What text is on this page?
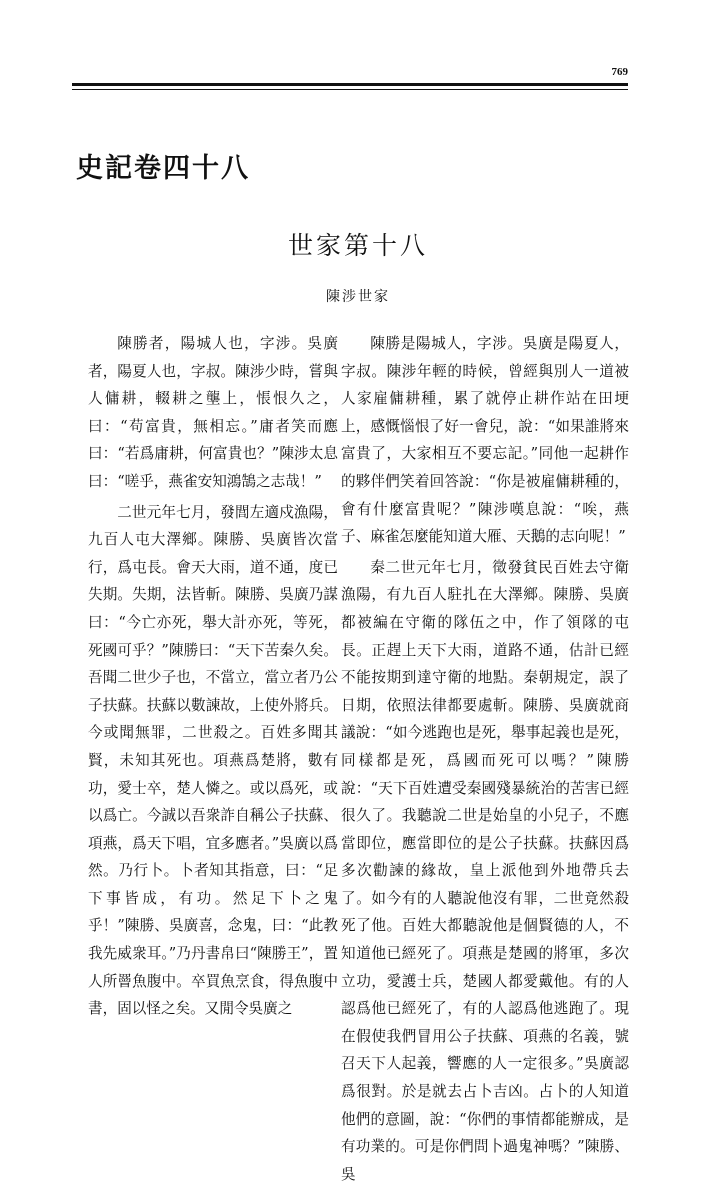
769
史記卷四十八
世家第十八
陳涉世家

陳勝者，陽城人也，字涉。吳廣者，陽夏人也，字叔。陳涉少時，嘗與人傭耕，輟耕之壟上，悵恨久之，曰：“苟富貴，無相忘。”庸者笑而應曰：“若爲庸耕，何富貴也？”陳涉太息曰：“嗟乎，燕雀安知鴻鵠之志哉！”

二世元年七月，發閭左適戍漁陽，九百人屯大澤鄉。陳勝、吳廣皆次當行，爲屯長。會天大雨，道不通，度已失期。失期，法皆斬。陳勝、吳廣乃謀曰：“今亡亦死，舉大計亦死，等死，死國可乎？”陳勝曰：“天下苦秦久矣。吾聞二世少子也，不當立，當立者乃公子扶蘇。扶蘇以數諫故，上使外將兵。今或聞無罪，二世殺之。百姓多聞其賢，未知其死也。項燕爲楚將，數有功，愛士卒，楚人憐之。或以爲死，或以爲亡。今誠以吾衆詐自稱公子扶蘇、項燕，爲天下唱，宜多應者。”吳廣以爲然。乃行卜。卜者知其指意，曰：“足下事皆成，有功。然足下卜之鬼乎！”陳勝、吳廣喜，念鬼，曰：“此教我先威衆耳。”乃丹書帛曰“陳勝王”，置人所罾魚腹中。卒買魚烹食，得魚腹中書，固以怪之矣。又閒令吳廣之

陳勝是陽城人，字涉。吳廣是陽夏人，字叔。陳涉年輕的時候，曾經與別人一道被人家雇傭耕種，累了就停止耕作站在田埂上，感慨惱恨了好一會兒，說：“如果誰將來富貴了，大家相互不要忘記。”同他一起耕作的夥伴們笑着回答說：“你是被雇傭耕種的，會有什麼富貴呢？”陳涉嘆息說：“唉，燕子、麻雀怎麼能知道大雁、天鵝的志向呢！”

秦二世元年七月，徵發貧民百姓去守衛漁陽，有九百人駐扎在大澤鄉。陳勝、吳廣都被編在守衛的隊伍之中，作了領隊的屯長。正趕上天下大雨，道路不通，估計已經不能按期到達守衛的地點。秦朝規定，誤了日期，依照法律都要處斬。陳勝、吳廣就商議說：“如今逃跑也是死，舉事起義也是死，同樣都是死，爲國而死可以嗎？”陳勝說：“天下百姓遭受秦國殘暴統治的苦害已經很久了。我聽說二世是始皇的小兒子，不應當即位，應當即位的是公子扶蘇。扶蘇因爲多次勸諫的緣故，皇上派他到外地帶兵去了。如今有的人聽說他沒有罪，二世竟然殺死了他。百姓大都聽說他是個賢德的人，不知道他已經死了。項燕是楚國的將軍，多次立功，愛護士兵，楚國人都愛戴他。有的人認爲他已經死了，有的人認爲他逃跑了。現在假使我們冒用公子扶蘇、項燕的名義，號召天下人起義，響應的人一定很多。”吳廣認爲很對。於是就去占卜吉凶。占卜的人知道他們的意圖，說：“你們的事情都能辦成，是有功業的。可是你們問卜過鬼神嗎？”陳勝、吳
